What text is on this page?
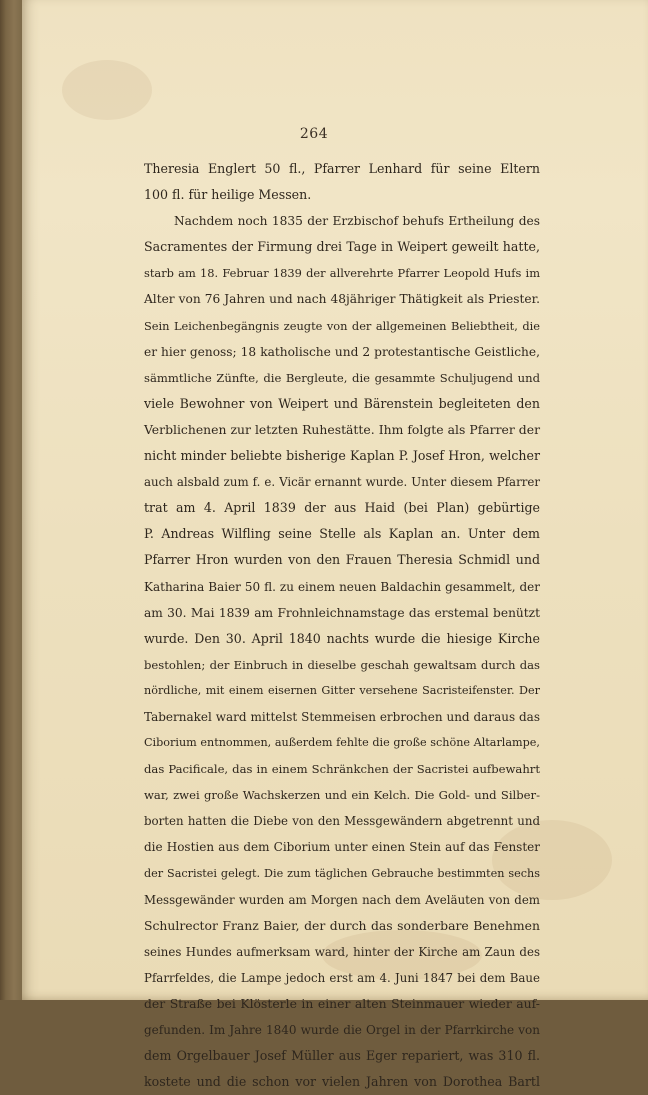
264
Theresia Englert 50 fl., Pfarrer Lenhard für seine Eltern
100 fl. für heilige Messen.
Nachdem noch 1835 der Erzbischof behufs Ertheilung des
Sacramentes der Firmung drei Tage in Weipert geweilt hatte,
starb am 18. Februar 1839 der allverehrte Pfarrer Leopold Hufs im
Alter von 76 Jahren und nach 48jähriger Thätigkeit als Priester.
Sein Leichenbegängnis zeugte von der allgemeinen Beliebtheit, die
er hier genoss; 18 katholische und 2 protestantische Geistliche,
sämmtliche Zünfte, die Bergleute, die gesammte Schuljugend und
viele Bewohner von Weipert und Bärenstein begleiteten den
Verblichenen zur letzten Ruhestätte. Ihm folgte als Pfarrer der
nicht minder beliebte bisherige Kaplan P. Josef Hron, welcher
auch alsbald zum f. e. Vicär ernannt wurde. Unter diesem Pfarrer
trat am 4. April 1839 der aus Haid (bei Plan) gebürtige
P. Andreas Wilfling seine Stelle als Kaplan an. Unter dem
Pfarrer Hron wurden von den Frauen Theresia Schmidl und
Katharina Baier 50 fl. zu einem neuen Baldachin gesammelt, der
am 30. Mai 1839 am Frohnleichnamstage das erstemal benützt
wurde. Den 30. April 1840 nachts wurde die hiesige Kirche
bestohlen; der Einbruch in dieselbe geschah gewaltsam durch das
nördliche, mit einem eisernen Gitter versehene Sacristeifenster. Der
Tabernakel ward mittelst Stemmeisen erbrochen und daraus das
Ciborium entnommen, außerdem fehlte die große schöne Altarlampe,
das Pacificale, das in einem Schränkchen der Sacristei aufbewahrt
war, zwei große Wachskerzen und ein Kelch. Die Gold- und Silber-
borten hatten die Diebe von den Messgewändern abgetrennt und
die Hostien aus dem Ciborium unter einen Stein auf das Fenster
der Sacristei gelegt. Die zum täglichen Gebrauche bestimmten sechs
Messgewänder wurden am Morgen nach dem Aveläuten von dem
Schulrector Franz Baier, der durch das sonderbare Benehmen
seines Hundes aufmerksam ward, hinter der Kirche am Zaun des
Pfarrfeldes, die Lampe jedoch erst am 4. Juni 1847 bei dem Baue
der Straße bei Klösterle in einer alten Steinmauer wieder auf-
gefunden. Im Jahre 1840 wurde die Orgel in der Pfarrkirche von
dem Orgelbauer Josef Müller aus Eger repariert, was 310 fl.
kostete und die schon vor vielen Jahren von Dorothea Bartl
